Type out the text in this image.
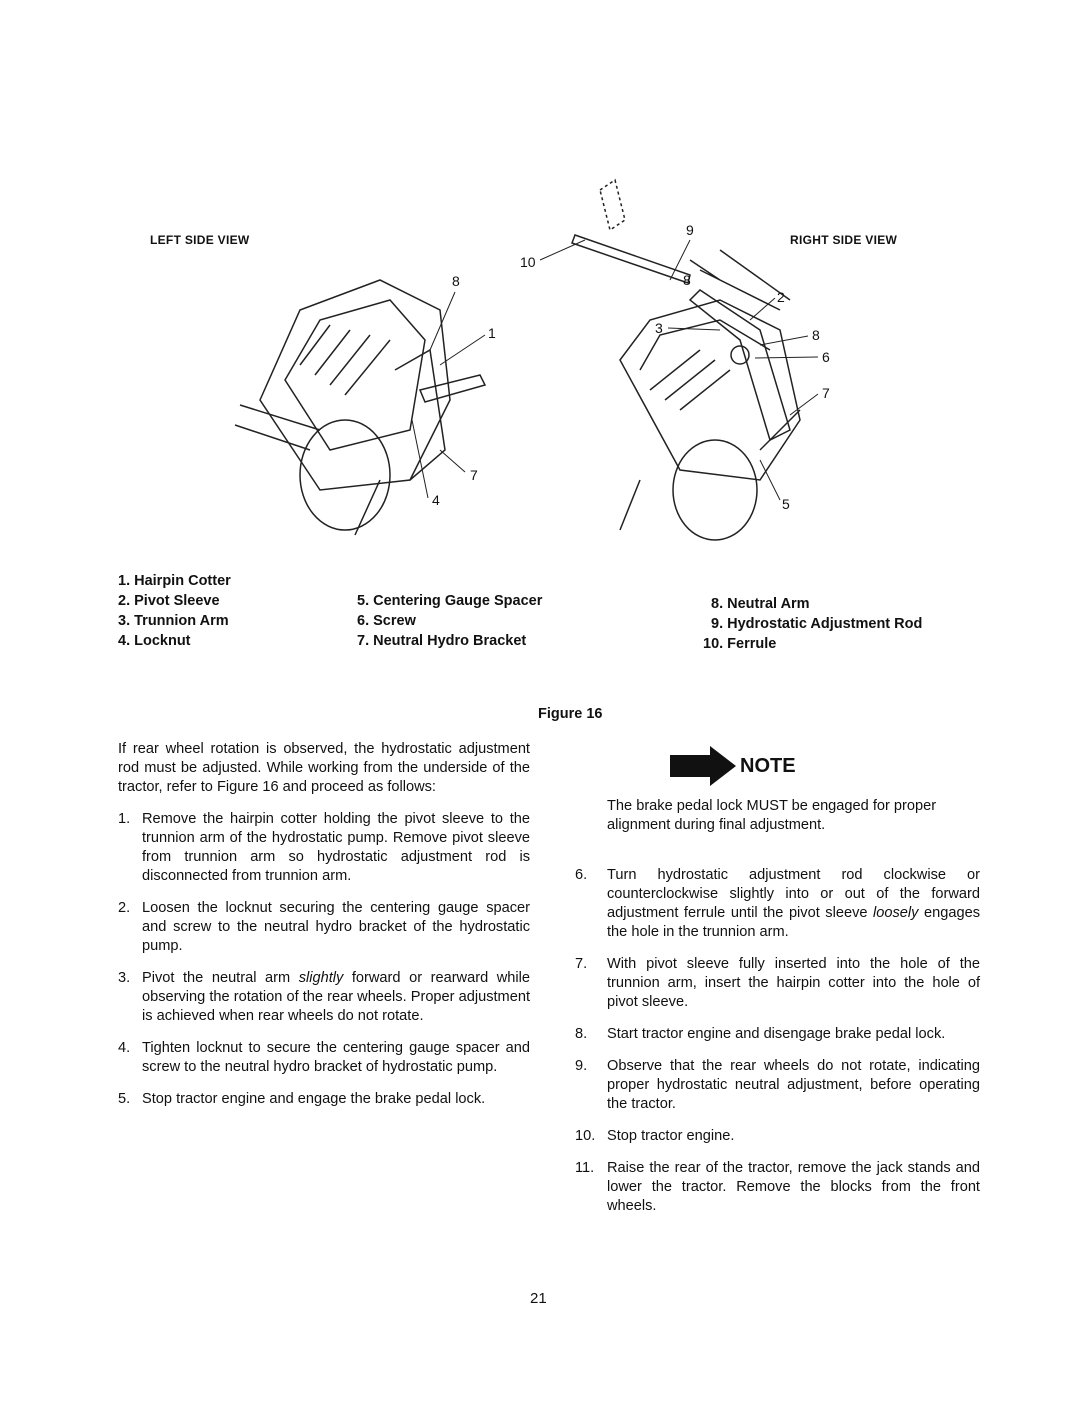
LEFT SIDE VIEW	RIGHT SIDE VIEW
8
1
7
4
10
9
8
2
3	8
6
7
5
1. Hairpin Cotter
2. Pivot Sleeve
3. Trunnion Arm
4. Locknut
5. Centering Gauge Spacer
6. Screw
7. Neutral Hydro Bracket
8. Neutral Arm
9. Hydrostatic Adjustment Rod
10. Ferrule
Figure 16
If rear wheel rotation is observed, the hydrostatic adjustment rod must be adjusted. While working from the underside of the tractor, refer to Figure 16 and proceed as follows:
1. Remove the hairpin cotter holding the pivot sleeve to the trunnion arm of the hydrostatic pump. Remove pivot sleeve from trunnion arm so hydrostatic adjustment rod is disconnected from trunnion arm.
2. Loosen the locknut securing the centering gauge spacer and screw to the neutral hydro bracket of the hydrostatic pump.
3. Pivot the neutral arm slightly forward or rearward while observing the rotation of the rear wheels. Proper adjustment is achieved when rear wheels do not rotate.
4. Tighten locknut to secure the centering gauge spacer and screw to the neutral hydro bracket of hydrostatic pump.
5. Stop tractor engine and engage the brake pedal lock.
NOTE
The brake pedal lock MUST be engaged for proper alignment during final adjustment.
6.	Turn hydrostatic adjustment rod clockwise or counterclockwise slightly into or out of the forward adjustment ferrule until the pivot sleeve loosely engages the hole in the trunnion arm.
7.	With pivot sleeve fully inserted into the hole of the trunnion arm, insert the hairpin cotter into the hole of pivot sleeve.
8.	Start tractor engine and disengage brake pedal lock.
9.	Observe that the rear wheels do not rotate, indicating proper hydrostatic neutral adjustment, before operating the tractor.
10. Stop tractor engine.
11. Raise the rear of the tractor, remove the jack stands and lower the tractor. Remove the blocks from the front wheels.
21
